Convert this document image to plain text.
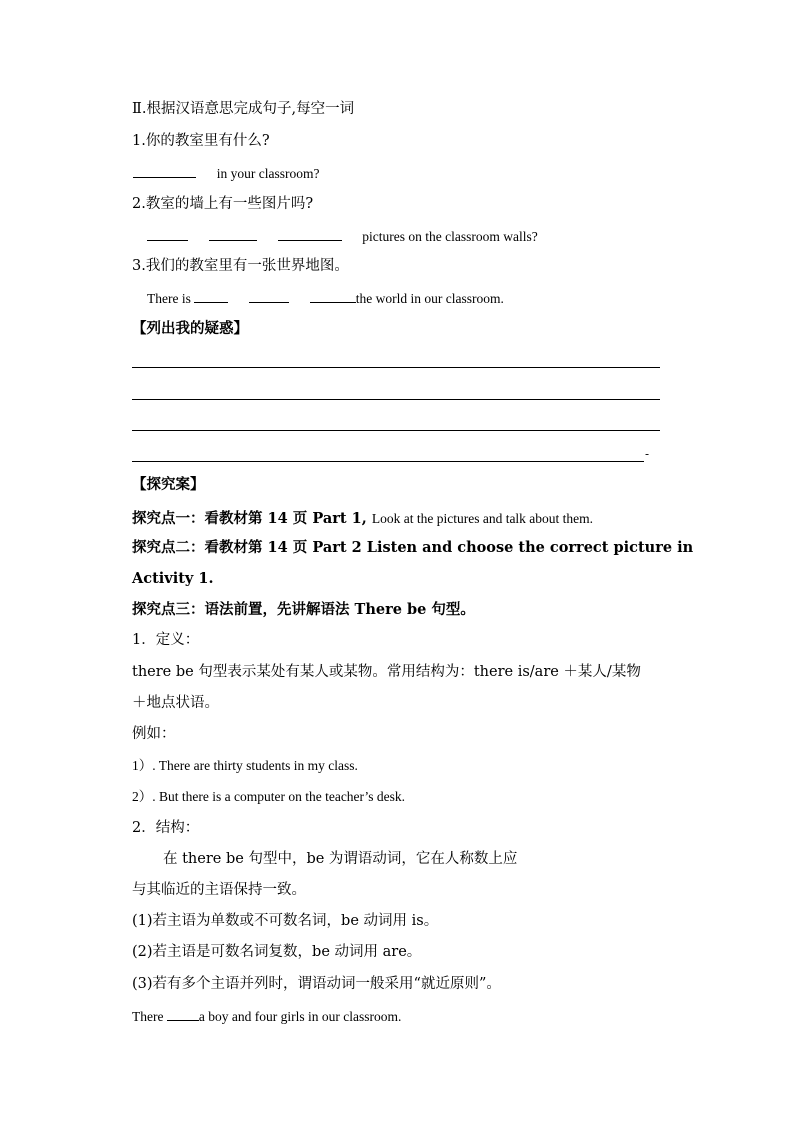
Ⅱ.根据汉语意思完成句子,每空一词
1.你的教室里有什么?
in your classroom?
2.教室的墙上有一些图片吗?
pictures on the classroom walls?
3.我们的教室里有一张世界地图。
There is	the world in our classroom.
【列出我的疑惑】
-
【探究案】
探究点一：看教材第 14 页 Part 1, Look at the pictures and talk about them.
探究点二：看教材第 14 页 Part 2 Listen and choose the correct picture in
Activity 1.
探究点三：语法前置，先讲解语法 There be 句型。
1．定义：
there be 句型表示某处有某人或某物。常用结构为：there is/are ＋某人/某物
＋地点状语。
例如：
1）. There are thirty students in my class.
2）. But there is a computer on the teacher’s desk.
2．结构：
在 there be 句型中，be 为谓语动词，它在人称数上应
与其临近的主语保持一致。
(1)若主语为单数或不可数名词，be 动词用 is。
(2)若主语是可数名词复数，be 动词用 are。
(3)若有多个主语并列时，谓语动词一般采用“就近原则”。
There	a boy and four girls in our classroom.
